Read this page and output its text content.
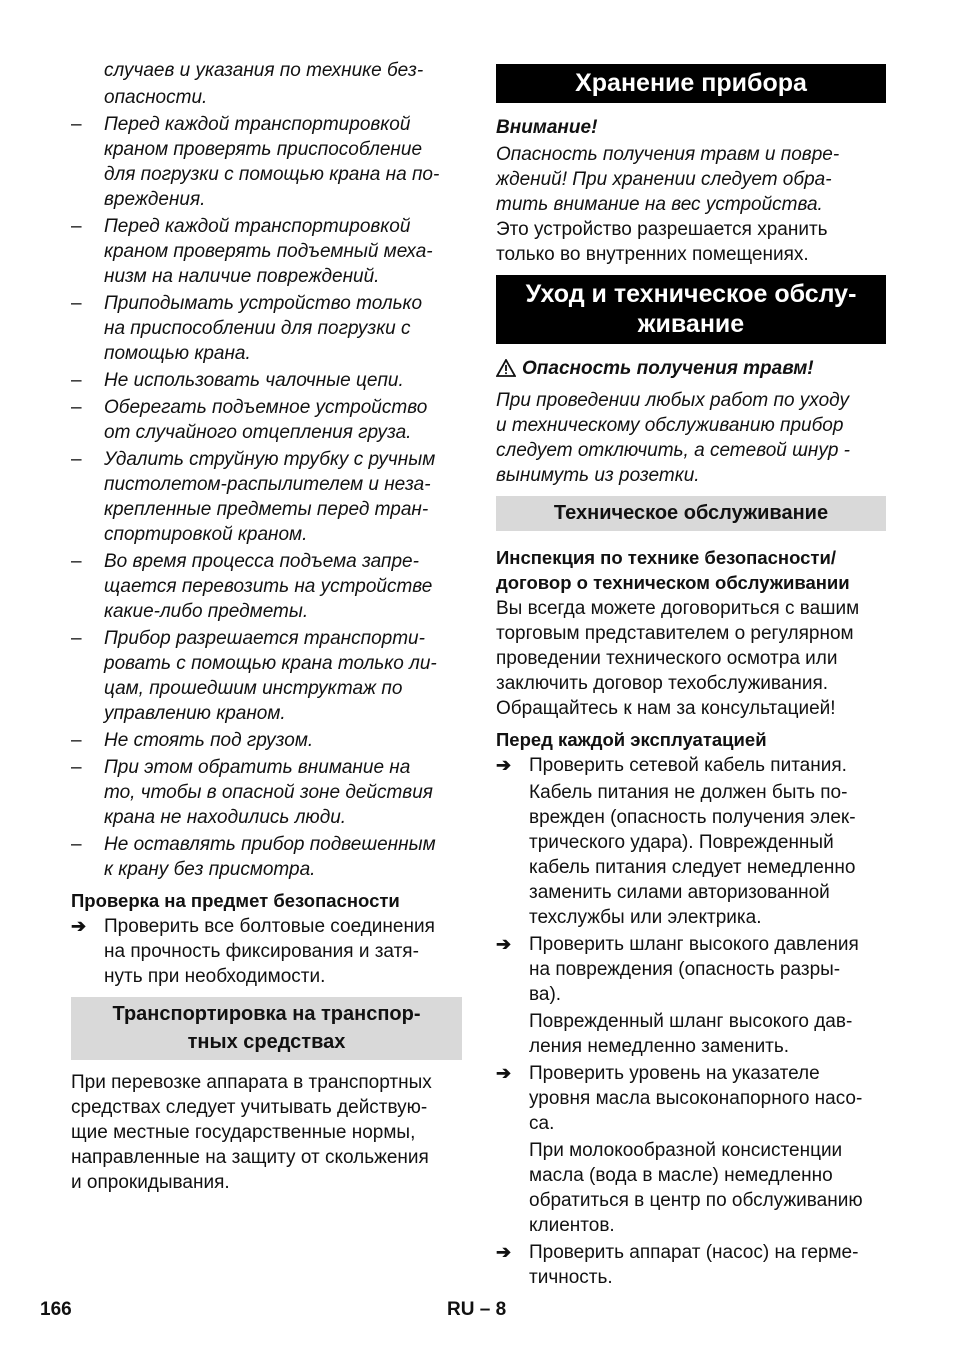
случаев и указания по технике без-
опасности.
– Перед каждой транспортировкой
краном проверять приспособление
для погрузки с помощью крана на по-
вреждения.
– Перед каждой транспортировкой
краном проверять подъемный меха-
низм на наличие повреждений.
– Приподымать устройство только
на приспособлении для погрузки с
помощью крана.
– Не использовать чалочные цепи.
– Оберегать подъемное устройство
от случайного отцепления груза.
– Удалить струйную трубку с ручным
пистолетом-распылителем и неза-
крепленные предметы перед тран-
спортировкой краном.
– Во время процесса подъема запре-
щается перевозить на устройстве
какие-либо предметы.
– Прибор разрешается транспорти-
ровать с помощью крана только ли-
цам, прошедшим инструктаж по
управлению краном.
– Не стоять под грузом.
– При этом обратить внимание на
то, чтобы в опасной зоне действия
крана не находились люди.
– Не оставлять прибор подвешенным
к крану без присмотра.
Проверка на предмет безопасности
➔ Проверить все болтовые соединения
на прочность фиксирования и затя-
нуть при необходимости.
Транспортировка на транспор-
тных средствах
При перевозке аппарата в транспортных
средствах следует учитывать действую-
щие местные государственные нормы,
направленные на защиту от скольжения
и опрокидывания.
Хранение прибора
Внимание!
Опасность получения травм и повре-
ждений! При хранении следует обра-
тить внимание на вес устройства.
Это устройство разрешается хранить
только во внутренних помещениях.
Уход и техническое обслу-
живание
Опасность получения травм!
При проведении любых работ по уходу
и техническому обслуживанию прибор
следует отключить, а сетевой шнур -
вынимуть из розетки.
Техническое обслуживание
Инспекция по технике безопасности/
договор о техническом обслуживании
Вы всегда можете договориться с вашим
торговым представителем о регулярном
проведении технического осмотра или
заключить договор техобслуживания.
Обращайтесь к нам за консультацией!
Перед каждой эксплуатацией
➔ Проверить сетевой кабель питания.
Кабель питания не должен быть по-
врежден (опасность получения элек-
трического удара). Поврежденный
кабель питания следует немедленно
заменить силами авторизованной
техслужбы или электрика.
➔ Проверить шланг высокого давления
на повреждения (опасность разры-
ва).
Поврежденный шланг высокого дав-
ления немедленно заменить.
➔ Проверить уровень на указателе
уровня масла высоконапорного насо-
са.
При молокообразной консистенции
масла (вода в масле) немедленно
обратиться в центр по обслуживанию
клиентов.
➔ Проверить аппарат (насос) на герме-
тичность.
166	RU – 8
